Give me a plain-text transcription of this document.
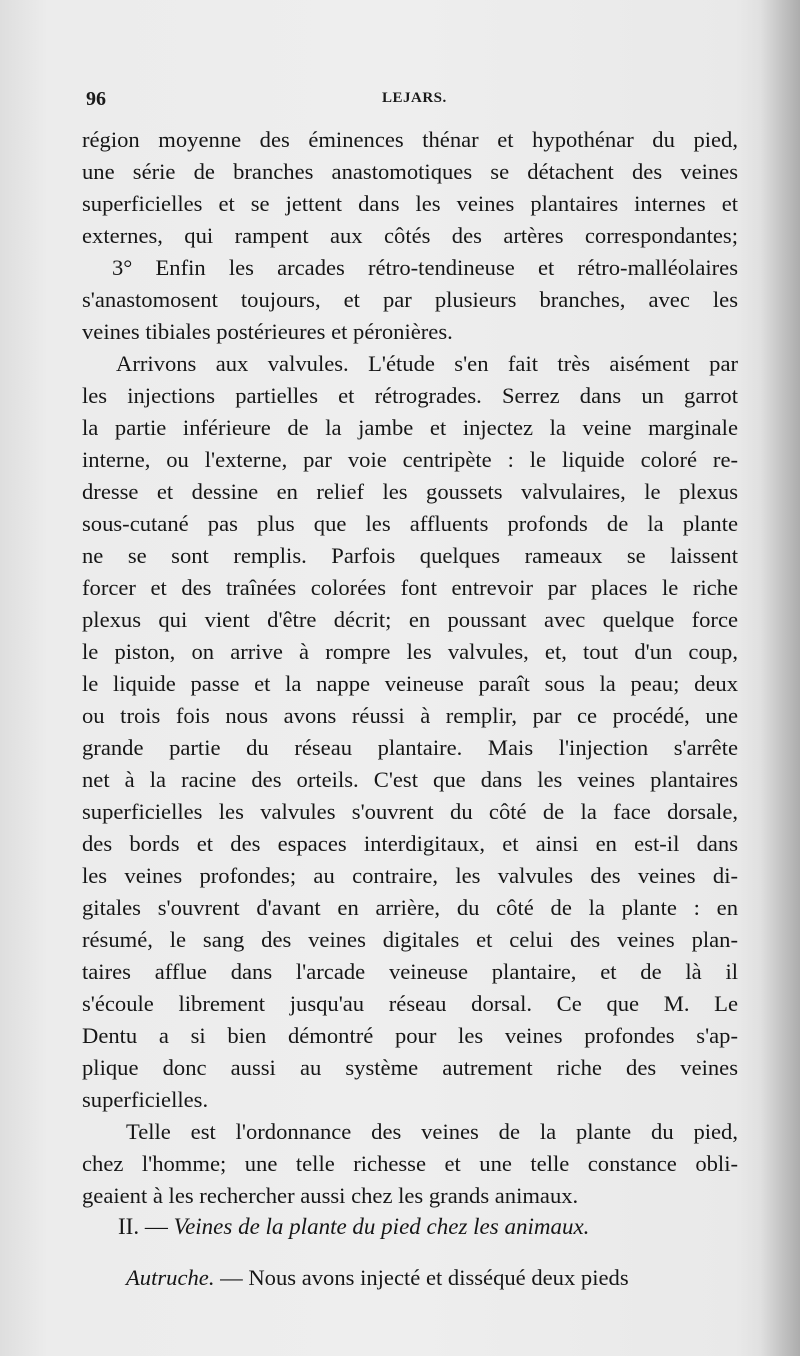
96	LEJARS.
région moyenne des éminences thénar et hypothénar du pied,
une série de branches anastomotiques se détachent des veines
superficielles et se jettent dans les veines plantaires internes et
externes, qui rampent aux côtés des artères correspondantes;
3° Enfin les arcades rétro-tendineuse et rétro-malléolaires
s'anastomosent toujours, et par plusieurs branches, avec les
veines tibiales postérieures et péronières.
Arrivons aux valvules. L'étude s'en fait très aisément par
les injections partielles et rétrogrades. Serrez dans un garrot
la partie inférieure de la jambe et injectez la veine marginale
interne, ou l'externe, par voie centripète : le liquide coloré re-
dresse et dessine en relief les goussets valvulaires, le plexus
sous-cutané pas plus que les affluents profonds de la plante
ne se sont remplis. Parfois quelques rameaux se laissent
forcer et des traînées colorées font entrevoir par places le riche
plexus qui vient d'être décrit; en poussant avec quelque force
le piston, on arrive à rompre les valvules, et, tout d'un coup,
le liquide passe et la nappe veineuse paraît sous la peau; deux
ou trois fois nous avons réussi à remplir, par ce procédé, une
grande partie du réseau plantaire. Mais l'injection s'arrête
net à la racine des orteils. C'est que dans les veines plantaires
superficielles les valvules s'ouvrent du côté de la face dorsale,
des bords et des espaces interdigitaux, et ainsi en est-il dans
les veines profondes; au contraire, les valvules des veines di-
gitales s'ouvrent d'avant en arrière, du côté de la plante : en
résumé, le sang des veines digitales et celui des veines plan-
taires afflue dans l'arcade veineuse plantaire, et de là il
s'écoule librement jusqu'au réseau dorsal. Ce que M. Le
Dentu a si bien démontré pour les veines profondes s'ap-
plique donc aussi au système autrement riche des veines
superficielles.
Telle est l'ordonnance des veines de la plante du pied,
chez l'homme; une telle richesse et une telle constance obli-
geaient à les rechercher aussi chez les grands animaux.
II. — Veines de la plante du pied chez les animaux.
Autruche. — Nous avons injecté et disséqué deux pieds
